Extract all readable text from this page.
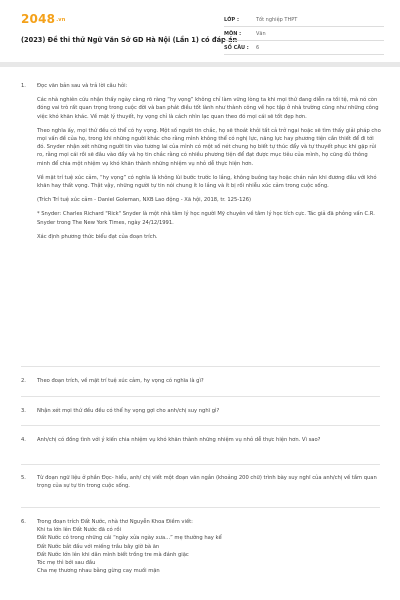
2048.vn
(2023) Đề thi thử Ngữ Văn Sở GD Hà Nội (Lần 1) có đáp án
LỚP :	Tốt nghiệp THPT
MÔN :	Văn
SỐ CÂU :	6
1.	Đọc văn bản sau và trả lời câu hỏi:

Các nhà nghiên cứu nhận thấy ngày càng rõ ràng “hy vọng” không chỉ làm vững lòng ta khi mọi thứ đang diễn ra tồi tệ, mà nó còn đóng vai trò rất quan trọng trong cuộc đời và ban phát điều tốt lành như thành công về học tập ở nhà trường cũng như những công việc khó khăn khác. Về mặt lý thuyết, hy vọng chỉ là cách nhìn lạc quan theo đó mọi cái sẽ tốt đẹp hơn.

Theo nghĩa ấy, mọi thứ đều có thể có hy vọng. Một số người tin chắc, họ sẽ thoát khỏi tất cả trở ngại hoặc sẽ tìm thấy giải pháp cho mọi vấn đề của họ, trong khi những người khác cho rằng mình không thể có nghị lực, năng lực hay phương tiện cần thiết để đi tới đó. Snyder nhận xét những người tin vào tương lai của mình có một số nét chung họ biết tự thúc đẩy và tự thuyết phục khi gặp rủi ro, rằng mọi cái rồi sẽ đâu vào đấy và họ tin chắc rằng có nhiều phương tiện để đạt được mục tiêu của mình, họ cũng đủ thông minh để chia một nhiệm vụ khó khăn thành những nhiệm vụ nhỏ dễ thực hiện hơn.

Về mặt trí tuệ xúc cảm, “hy vọng” có nghĩa là không lùi bước trước lo lắng, không buông tay hoặc chán nản khi đương đầu với khó khăn hay thất vọng. Thật vậy, những người tự tin nói chung ít lo lắng và ít bị rối nhiễu xúc cảm trong cuộc sống.

(Trích Trí tuệ xúc cảm - Daniel Goleman, NXB Lao động - Xã hội, 2018, tr. 125-126)

* Snyder: Charles Richard "Rick" Snyder là một nhà tâm lý học người Mỹ chuyên về tâm lý học tích cực. Tác giả đã phỏng vấn C.R. Snyder trong The New York Times, ngày 24/12/1991.

Xác định phương thức biểu đạt của đoạn trích.

2.	Theo đoạn trích, về mặt trí tuệ xúc cảm, hy vọng có nghĩa là gì?

3.	Nhận xét mọi thứ đều đều có thể hy vọng gợi cho anh/chị suy nghĩ gì?

4.	Anh/chị có đồng tình với ý kiến chia nhiệm vụ khó khăn thành những nhiệm vụ nhỏ dễ thực hiện hơn. Vì sao?

5.	Từ đoạn ngữ liệu ở phần Đọc- hiểu, anh/ chị viết một đoạn văn ngắn (khoảng 200 chữ) trình bày suy nghĩ của anh/chị về tầm quan trọng của sự tự tin trong cuộc sống.

6.	Trong đoạn trích Đất Nước, nhà thơ Nguyễn Khoa Điềm viết:
Khi ta lớn lên Đất Nước đã có rồi
Đất Nước có trong những cái “ngày xửa ngày xưa...” mẹ thường hay kể
Đất Nước bắt đầu với miếng trầu bây giờ bà ăn
Đất Nước lớn lên khi dân mình biết trồng tre mà đánh giặc
Tóc mẹ thì bới sau đầu
Cha mẹ thương nhau bằng gừng cay muối mặn
